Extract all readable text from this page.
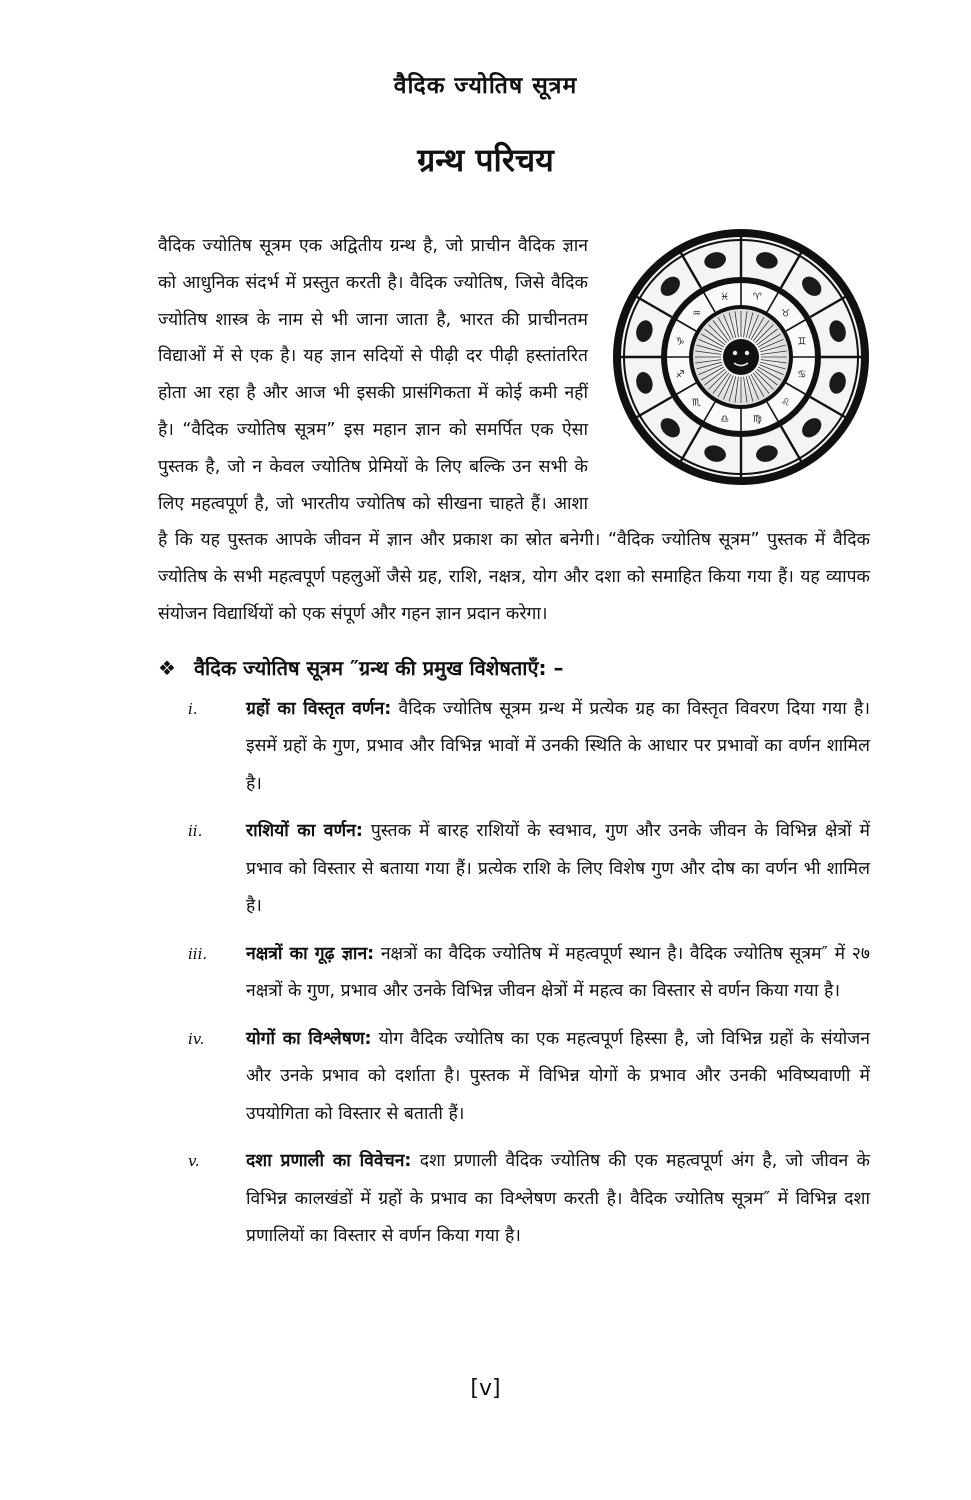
वैदिक ज्योतिष सूत्रम
ग्रन्थ परिचय
♈
♉
♊
♋
♌
♍
♎
♏
♐
♑
♒
♓

वैदिक ज्योतिष सूत्रम एक अद्वितीय ग्रन्थ है, जो प्राचीन वैदिक ज्ञान को आधुनिक संदर्भ में प्रस्तुत करती है। वैदिक ज्योतिष, जिसे वैदिक ज्योतिष शास्त्र के नाम से भी जाना जाता है, भारत की प्राचीनतम विद्याओं में से एक है। यह ज्ञान सदियों से पीढ़ी दर पीढ़ी हस्तांतरित होता आ रहा है और आज भी इसकी प्रासंगिकता में कोई कमी नहीं है। “वैदिक ज्योतिष सूत्रम” इस महान ज्ञान को समर्पित एक ऐसा पुस्तक है, जो न केवल ज्योतिष प्रेमियों के लिए बल्कि उन सभी के लिए महत्वपूर्ण है, जो भारतीय ज्योतिष को सीखना चाहते हैं। आशा है कि यह पुस्तक आपके जीवन में ज्ञान और प्रकाश का स्रोत बनेगी। “वैदिक ज्योतिष सूत्रम” पुस्तक में वैदिक ज्योतिष के सभी महत्वपूर्ण पहलुओं जैसे ग्रह, राशि, नक्षत्र, योग और दशा को समाहित किया गया हैं। यह व्यापक संयोजन विद्यार्थियों को एक संपूर्ण और गहन ज्ञान प्रदान करेगा।

❖ वैदिक ज्योतिष सूत्रम ″ग्रन्थ की प्रमुख विशेषताएँ: –
i.	ग्रहों का विस्तृत वर्णन: वैदिक ज्योतिष सूत्रम ग्रन्थ में प्रत्येक ग्रह का विस्तृत विवरण दिया गया है। इसमें ग्रहों के गुण, प्रभाव और विभिन्न भावों में उनकी स्थिति के आधार पर प्रभावों का वर्णन शामिल है।
ii.	राशियों का वर्णन: पुस्तक में बारह राशियों के स्वभाव, गुण और उनके जीवन के विभिन्न क्षेत्रों में प्रभाव को विस्तार से बताया गया हैं। प्रत्येक राशि के लिए विशेष गुण और दोष का वर्णन भी शामिल है।
iii.	नक्षत्रों का गूढ़ ज्ञान: नक्षत्रों का वैदिक ज्योतिष में महत्वपूर्ण स्थान है। वैदिक ज्योतिष सूत्रम″ में २७ नक्षत्रों के गुण, प्रभाव और उनके विभिन्न जीवन क्षेत्रों में महत्व का विस्तार से वर्णन किया गया है।
iv.	योगों का विश्लेषण: योग वैदिक ज्योतिष का एक महत्वपूर्ण हिस्सा है, जो विभिन्न ग्रहों के संयोजन और उनके प्रभाव को दर्शाता है। पुस्तक में विभिन्न योगों के प्रभाव और उनकी भविष्यवाणी में उपयोगिता को विस्तार से बताती हैं।
v.	दशा प्रणाली का विवेचन: दशा प्रणाली वैदिक ज्योतिष की एक महत्वपूर्ण अंग है, जो जीवन के विभिन्न कालखंडों में ग्रहों के प्रभाव का विश्लेषण करती है। वैदिक ज्योतिष सूत्रम″ में विभिन्न दशा प्रणालियों का विस्तार से वर्णन किया गया है।
[v]
